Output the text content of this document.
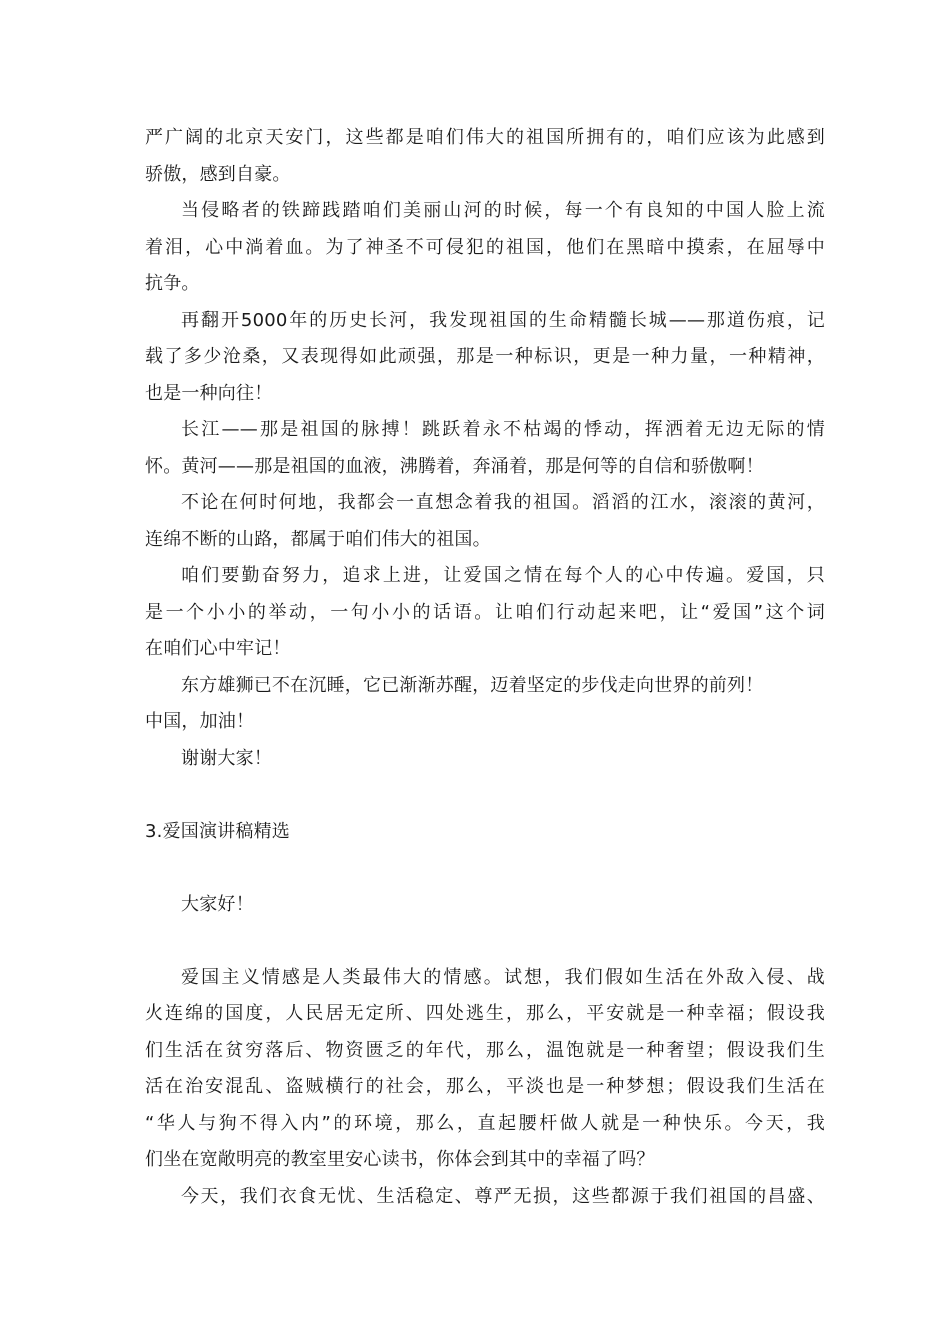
严广阔的北京天安门，这些都是咱们伟大的祖国所拥有的，咱们应该为此感到
骄傲，感到自豪。
当侵略者的铁蹄践踏咱们美丽山河的时候，每一个有良知的中国人脸上流
着泪，心中淌着血。为了神圣不可侵犯的祖国，他们在黑暗中摸索，在屈辱中
抗争。
再翻开5000年的历史长河，我发现祖国的生命精髓长城——那道伤痕，记
载了多少沧桑，又表现得如此顽强，那是一种标识，更是一种力量，一种精神，
也是一种向往！
长江——那是祖国的脉搏！跳跃着永不枯竭的悸动，挥洒着无边无际的情
怀。黄河——那是祖国的血液，沸腾着，奔涌着，那是何等的自信和骄傲啊！
不论在何时何地，我都会一直想念着我的祖国。滔滔的江水，滚滚的黄河，
连绵不断的山路，都属于咱们伟大的祖国。
咱们要勤奋努力，追求上进，让爱国之情在每个人的心中传遍。爱国，只
是一个小小的举动，一句小小的话语。让咱们行动起来吧，让“爱国”这个词
在咱们心中牢记！
东方雄狮已不在沉睡，它已渐渐苏醒，迈着坚定的步伐走向世界的前列！
中国，加油！
谢谢大家！
3.爱国演讲稿精选
大家好！
爱国主义情感是人类最伟大的情感。试想，我们假如生活在外敌入侵、战
火连绵的国度，人民居无定所、四处逃生，那么，平安就是一种幸福；假设我
们生活在贫穷落后、物资匮乏的年代，那么，温饱就是一种奢望；假设我们生
活在治安混乱、盗贼横行的社会，那么，平淡也是一种梦想；假设我们生活在
“华人与狗不得入内”的环境，那么，直起腰杆做人就是一种快乐。今天，我
们坐在宽敞明亮的教室里安心读书，你体会到其中的幸福了吗？
今天，我们衣食无忧、生活稳定、尊严无损，这些都源于我们祖国的昌盛、
